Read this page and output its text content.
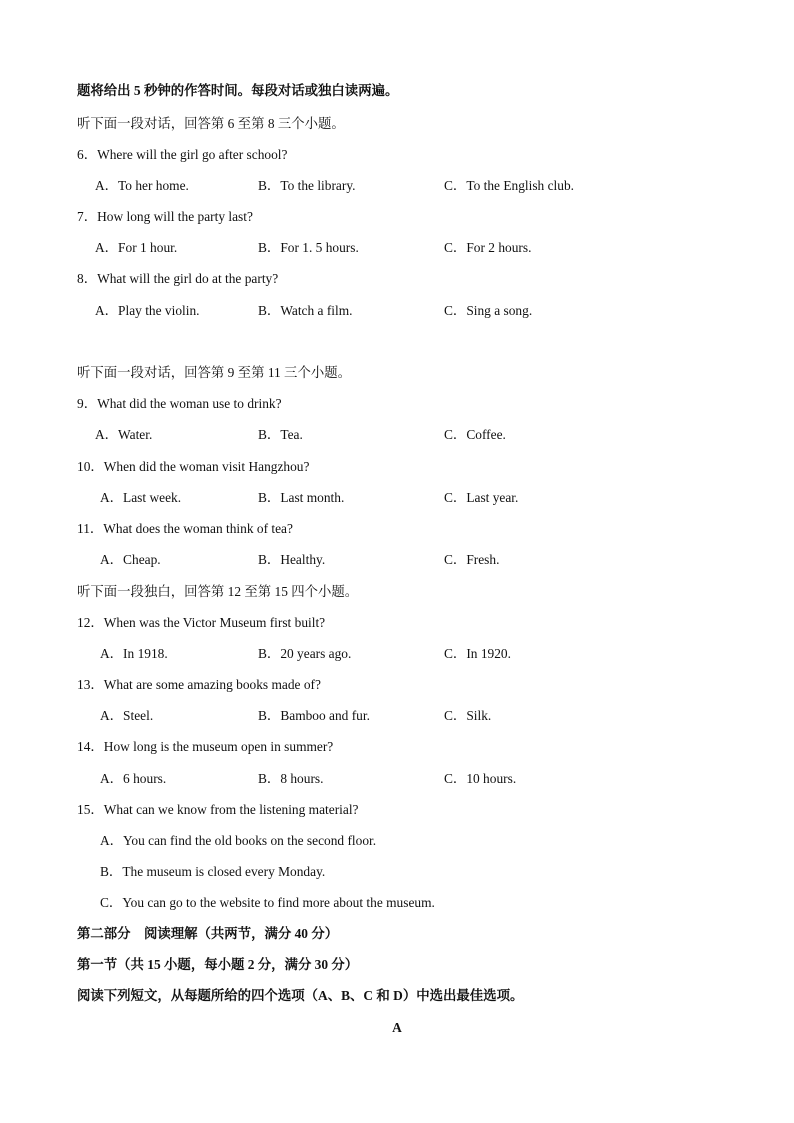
题将给出 5 秒钟的作答时间。每段对话或独白读两遍。
听下面一段对话，回答第 6 至第 8 三个小题。
6．Where will the girl go after school?
A．To her home.	B．To the library.	C．To the English club.
7．How long will the party last?
A．For 1 hour.	B．For 1. 5 hours.	C．For 2 hours.
8．What will the girl do at the party?
A．Play the violin.	B．Watch a film.	C．Sing a song.
听下面一段对话，回答第 9 至第 11 三个小题。
9．What did the woman use to drink?
A．Water.	B．Tea.	C．Coffee.
10．When did the woman visit Hangzhou?
A．Last week.	B．Last month.	C．Last year.
11．What does the woman think of tea?
A．Cheap.	B．Healthy.	C．Fresh.
听下面一段独白，回答第 12 至第 15 四个小题。
12．When was the Victor Museum first built?
A．In 1918.	B．20 years ago.	C．In 1920.
13．What are some amazing books made of?
A．Steel.	B．Bamboo and fur.	C．Silk.
14．How long is the museum open in summer?
A．6 hours.	B．8 hours.	C．10 hours.
15．What can we know from the listening material?
A．You can find the old books on the second floor.
B．The museum is closed every Monday.
C．You can go to the website to find more about the museum.
第二部分　阅读理解（共两节，满分 40 分）
第一节（共 15 小题，每小题 2 分，满分 30 分）
阅读下列短文，从每题所给的四个选项（A、B、C 和 D）中选出最佳选项。
A
